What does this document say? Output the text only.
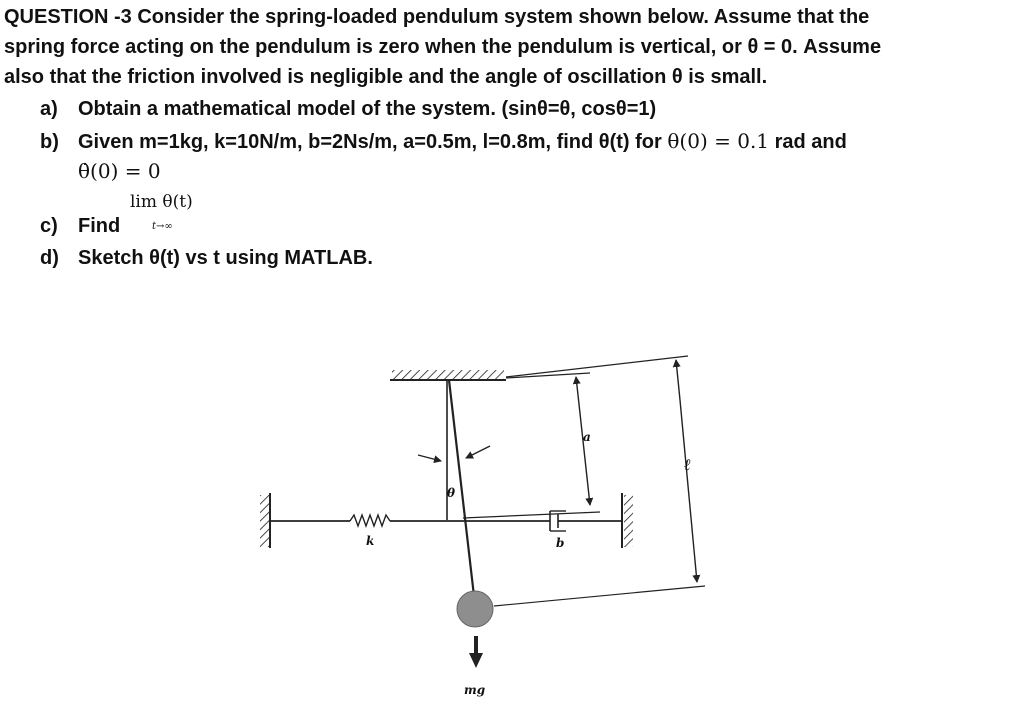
QUESTION -3 Consider the spring-loaded pendulum system shown below. Assume that the
spring force acting on the pendulum is zero when the pendulum is vertical, or θ = 0. Assume
also that the friction involved is negligible and the angle of oscillation θ is small.
a) Obtain a mathematical model of the system. (sinθ=θ, cosθ=1)
b) Given m=1kg, k=10N/m, b=2Ns/m, a=0.5m, l=0.8m, find θ(t) for θ(0) = 0.1 rad and
θ̇(0) = 0
lim θ(t)
t→∞
c) Find
d) Sketch θ(t) vs t using MATLAB.
θ
k	b
a
ℓ
mg
